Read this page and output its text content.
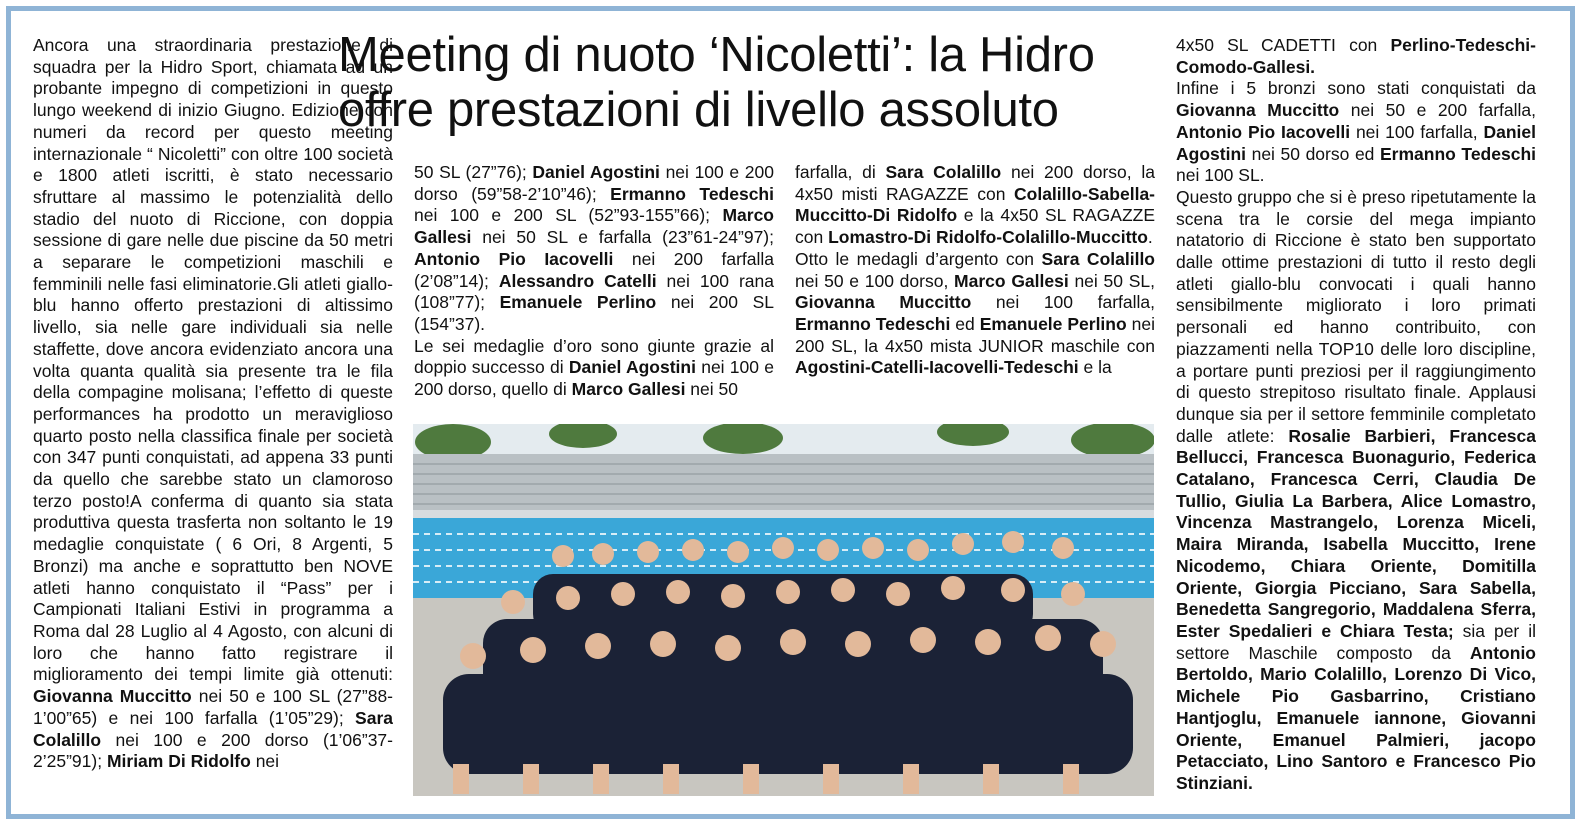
Meeting di nuoto ‘Nicoletti’: la Hidro offre prestazioni di livello assoluto

Ancora una straordinaria prestazione di squadra per la Hidro Sport, chiamata ad un probante impegno di competizioni in questo lungo weekend di inizio Giugno. Edizione con numeri da record per questo meeting internazionale “ Nicoletti” con oltre 100 società e 1800 atleti iscritti, è stato necessario sfruttare al massimo le potenzialità dello stadio del nuoto di Riccione, con doppia sessione di gare nelle due piscine da 50 metri a separare le competizioni maschili e femminili nelle fasi eliminatorie.Gli atleti giallo-blu hanno offerto prestazioni di altissimo livello, sia nelle gare individuali sia nelle staffette, dove ancora evidenziato ancora una volta quanta qualità sia presente tra le fila della compagine molisana; l’effetto di queste performances ha prodotto un meraviglioso quarto posto nella classifica finale per società con 347 punti conquistati, ad appena 33 punti da quello che sarebbe stato un clamoroso terzo posto!A conferma di quanto sia stata produttiva questa trasferta non soltanto le 19 medaglie conquistate ( 6 Ori, 8 Argenti, 5 Bronzi) ma anche e soprattutto ben NOVE atleti hanno conquistato il “Pass” per i Campionati Italiani Estivi in programma a Roma dal 28 Luglio al 4 Agosto, con alcuni di loro che hanno fatto registrare il miglioramento dei tempi limite già ottenuti: Giovanna Muccitto nei 50 e 100 SL (27”88-1’00”65) e nei 100 farfalla (1’05”29); Sara Colalillo nei 100 e 200 dorso (1’06”37-2’25”91); Miriam Di Ridolfo nei

50 SL (27”76); Daniel Agostini nei 100 e 200 dorso (59”58-2’10”46); Ermanno Tedeschi nei 100 e 200 SL (52”93-155”66); Marco Gallesi nei 50 SL e farfalla (23”61-24”97); Antonio Pio Iacovelli nei 200 farfalla (2’08”14); Alessandro Catelli nei 100 rana (108”77); Emanuele Perlino nei 200 SL (154”37).

Le sei medaglie d’oro sono giunte grazie al doppio successo di Daniel Agostini nei 100 e 200 dorso, quello di Marco Gallesi nei 50

farfalla, di Sara Colalillo nei 200 dorso, la 4x50 misti RAGAZZE con Colalillo-Sabella-Muccitto-Di Ridolfo e la 4x50 SL RAGAZZE con Lomastro-Di Ridolfo-Colalillo-Muccitto.

Otto le medagli d’argento con Sara Colalillo nei 50 e 100 dorso, Marco Gallesi nei 50 SL, Giovanna Muccitto nei 100 farfalla, Ermanno Tedeschi ed Emanuele Perlino nei 200 SL, la 4x50 mista JUNIOR maschile con Agostini-Catelli-Iacovelli-Tedeschi e la

4x50 SL CADETTI con Perlino-Tedeschi-Comodo-Gallesi.

Infine i 5 bronzi sono stati conquistati da Giovanna Muccitto nei 50 e 200 farfalla, Antonio Pio Iacovelli nei 100 farfalla, Daniel Agostini nei 50 dorso ed Ermanno Tedeschi nei 100 SL.

Questo gruppo che si è preso ripetutamente la scena tra le corsie del mega impianto natatorio di Riccione è stato ben supportato dalle ottime prestazioni di tutto il resto degli atleti giallo-blu convocati i quali hanno sensibilmente migliorato i loro primati personali ed hanno contribuito, con piazzamenti nella TOP10 delle loro discipline, a portare punti preziosi per il raggiungimento di questo strepitoso risultato finale. Applausi dunque sia per il settore femminile completato dalle atlete: Rosalie Barbieri, Francesca Bellucci, Francesca Buonagurio, Federica Catalano, Francesca Cerri, Claudia De Tullio, Giulia La Barbera, Alice Lomastro, Vincenza Mastrangelo, Lorenza Miceli, Maira Miranda, Isabella Muccitto, Irene Nicodemo, Chiara Oriente, Domitilla Oriente, Giorgia Picciano, Sara Sabella, Benedetta Sangregorio, Maddalena Sferra, Ester Spedalieri e Chiara Testa; sia per il settore Maschile composto da Antonio Bertoldo, Mario Colalillo, Lorenzo Di Vico, Michele Pio Gasbarrino, Cristiano Hantjoglu, Emanuele iannone, Giovanni Oriente, Emanuel Palmieri, jacopo Petacciato, Lino Santoro e Francesco Pio Stinziani.
